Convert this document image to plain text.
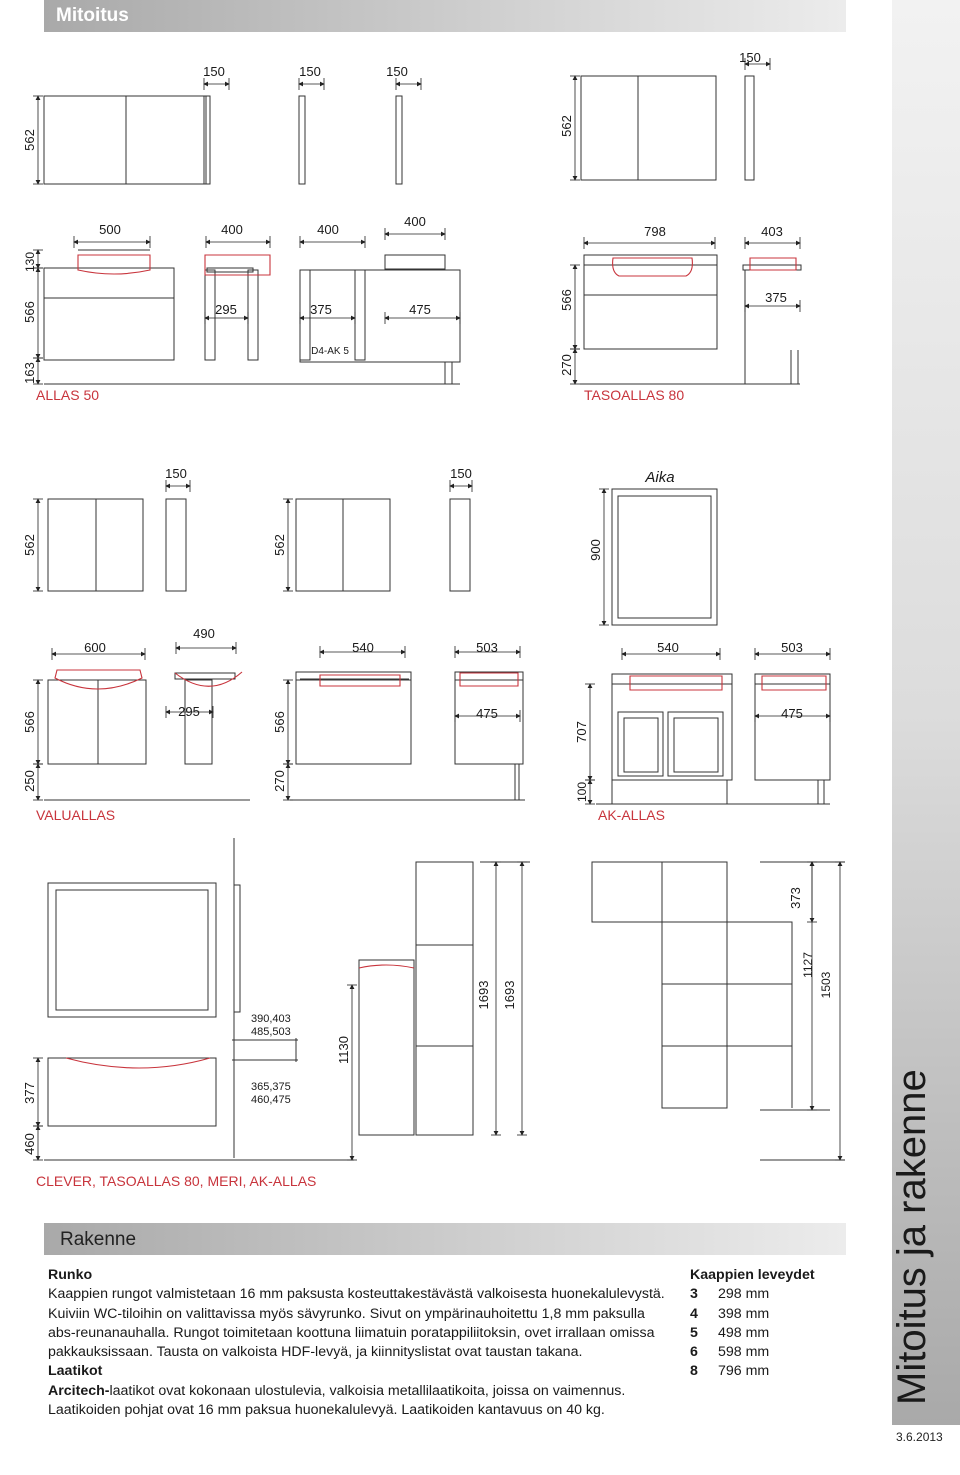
Mitoitus ja rakenne
3.6.2013
Mitoitus
Rakenne
150	150	150
562
500	400	400
400
295	375	475
D4-AK 5
130
566
163
ALLAS 50
150
562
798	403
375
566
270
TASOALLAS 80
150
562
150
562
Aika
900
600
490
295
566
250
540	503
475
566
270
540	503
475
707
100
VALUALLAS	AK-ALLAS
390,403 485,503
365,375 460,475
377
460
1130
1693 1693
373
1127
1503
CLEVER, TASOALLAS 80, MERI, AK-ALLAS

Runko

Kaappien rungot valmistetaan 16 mm paksusta kosteuttakestävästä valkoisesta huonekalulevystä. Kuiviin WC-tiloihin on valittavissa myös sävyrunko. Sivut on ympärinauhoitettu 1,8 mm paksulla abs-reunanauhalla. Rungot toimitetaan koottuna liimatuin poratappiliitoksin, ovet irrallaan omissa pakkauksissaan. Tausta on valkoista HDF-levyä, ja kiinnityslistat ovat taustan takana.

Laatikot

Arcitech-laatikot ovat kokonaan ulostulevia, valkoisia metallilaatikoita, joissa on vaimennus. Laatikoiden pohjat ovat 16 mm paksua huonekalulevyä. Laatikoiden kantavuus on 40 kg.

Kaappien leveydet
3 298 mm
4 398 mm
5 498 mm
6 598 mm
8 796 mm
